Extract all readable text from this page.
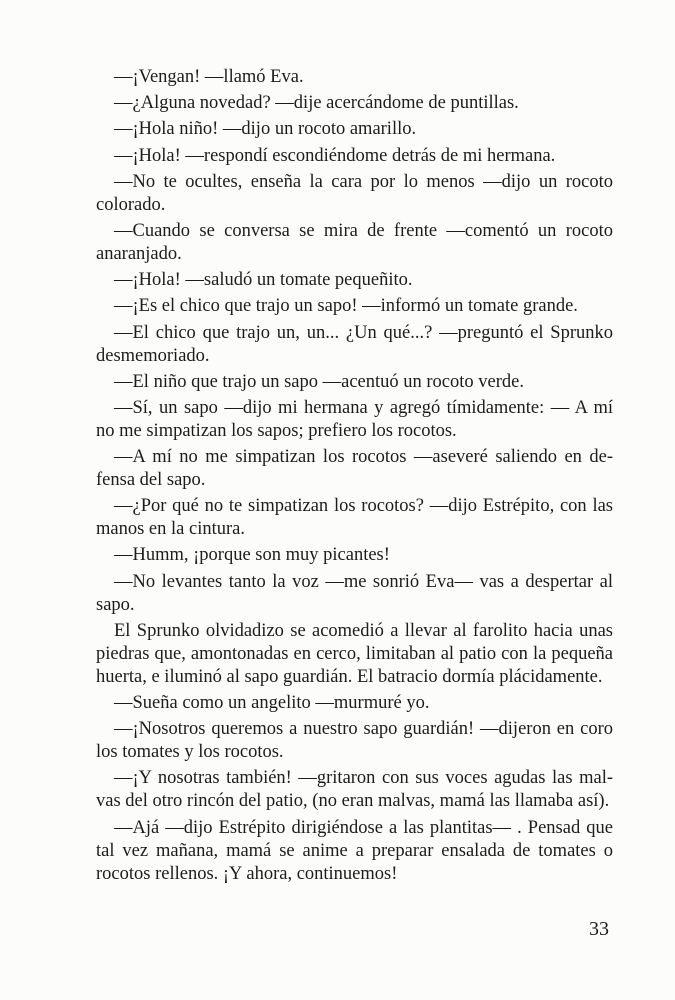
—¡Vengan! —llamó Eva.
—¿Alguna novedad? —dije acercándome de puntillas.
—¡Hola niño! —dijo un rocoto amarillo.
—¡Hola! —respondí escondiéndome detrás de mi hermana.
—No te ocultes, enseña la cara por lo menos —dijo un rocoto
colorado.
—Cuando se conversa se mira de frente —comentó un rocoto
anaranjado.
—¡Hola! —saludó un tomate pequeñito.
—¡Es el chico que trajo un sapo! —informó un tomate grande.
—El chico que trajo un, un... ¿Un qué...? —preguntó el Sprunko
desmemoriado.
—El niño que trajo un sapo —acentuó un rocoto verde.
—Sí, un sapo —dijo mi hermana y agregó tímidamente: — A mí
no me simpatizan los sapos; prefiero los rocotos.
—A mí no me simpatizan los rocotos —aseveré saliendo en de-
fensa del sapo.
—¿Por qué no te simpatizan los rocotos? —dijo Estrépito, con las
manos en la cintura.
—Humm, ¡porque son muy picantes!
—No levantes tanto la voz —me sonrió Eva— vas a despertar al
sapo.
El Sprunko olvidadizo se acomedió a llevar al farolito hacia unas
piedras que, amontonadas en cerco, limitaban al patio con la pequeña
huerta, e iluminó al sapo guardián. El batracio dormía plácidamente.
—Sueña como un angelito —murmuré yo.
—¡Nosotros queremos a nuestro sapo guardián! —dijeron en coro
los tomates y los rocotos.
—¡Y nosotras también! —gritaron con sus voces agudas las mal-
vas del otro rincón del patio, (no eran malvas, mamá las llamaba así).
—Ajá —dijo Estrépito dirigiéndose a las plantitas— . Pensad que
tal vez mañana, mamá se anime a preparar ensalada de tomates o
rocotos rellenos. ¡Y ahora, continuemos!
33
